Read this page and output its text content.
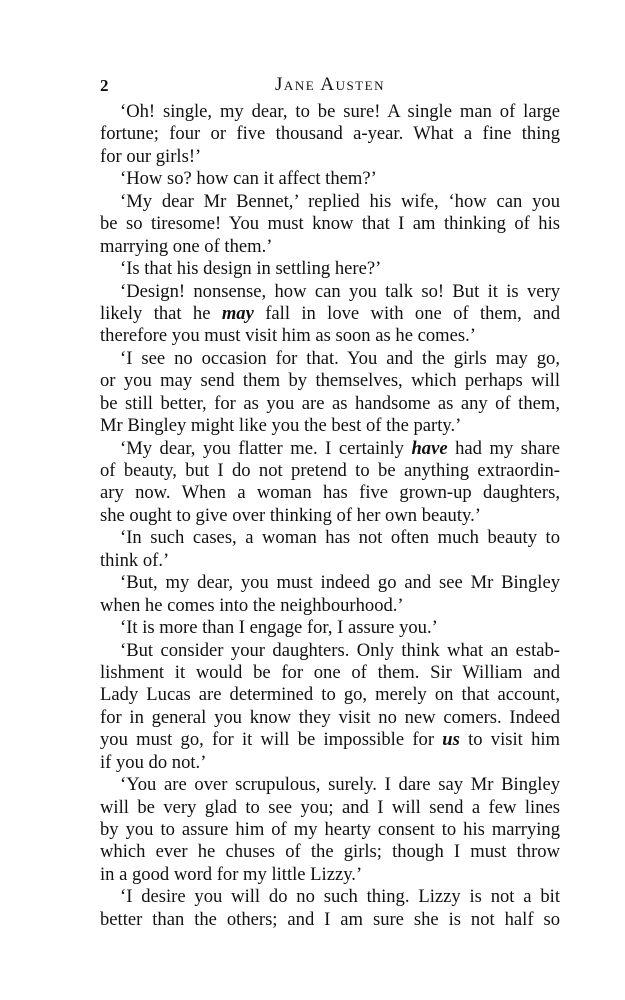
2	Jane Austen
‘Oh! single, my dear, to be sure! A single man of large
fortune; four or five thousand a-year. What a fine thing
for our girls!’
‘How so? how can it affect them?’
‘My dear Mr Bennet,’ replied his wife, ‘how can you
be so tiresome! You must know that I am thinking of his
marrying one of them.’
‘Is that his design in settling here?’
‘Design! nonsense, how can you talk so! But it is very
likely that he may fall in love with one of them, and
therefore you must visit him as soon as he comes.’
‘I see no occasion for that. You and the girls may go,
or you may send them by themselves, which perhaps will
be still better, for as you are as handsome as any of them,
Mr Bingley might like you the best of the party.’
‘My dear, you flatter me. I certainly have had my share
of beauty, but I do not pretend to be anything extraordin-
ary now. When a woman has five grown-up daughters,
she ought to give over thinking of her own beauty.’
‘In such cases, a woman has not often much beauty to
think of.’
‘But, my dear, you must indeed go and see Mr Bingley
when he comes into the neighbourhood.’
‘It is more than I engage for, I assure you.’
‘But consider your daughters. Only think what an estab-
lishment it would be for one of them. Sir William and
Lady Lucas are determined to go, merely on that account,
for in general you know they visit no new comers. Indeed
you must go, for it will be impossible for us to visit him
if you do not.’
‘You are over scrupulous, surely. I dare say Mr Bingley
will be very glad to see you; and I will send a few lines
by you to assure him of my hearty consent to his marrying
which ever he chuses of the girls; though I must throw
in a good word for my little Lizzy.’
‘I desire you will do no such thing. Lizzy is not a bit
better than the others; and I am sure she is not half so
